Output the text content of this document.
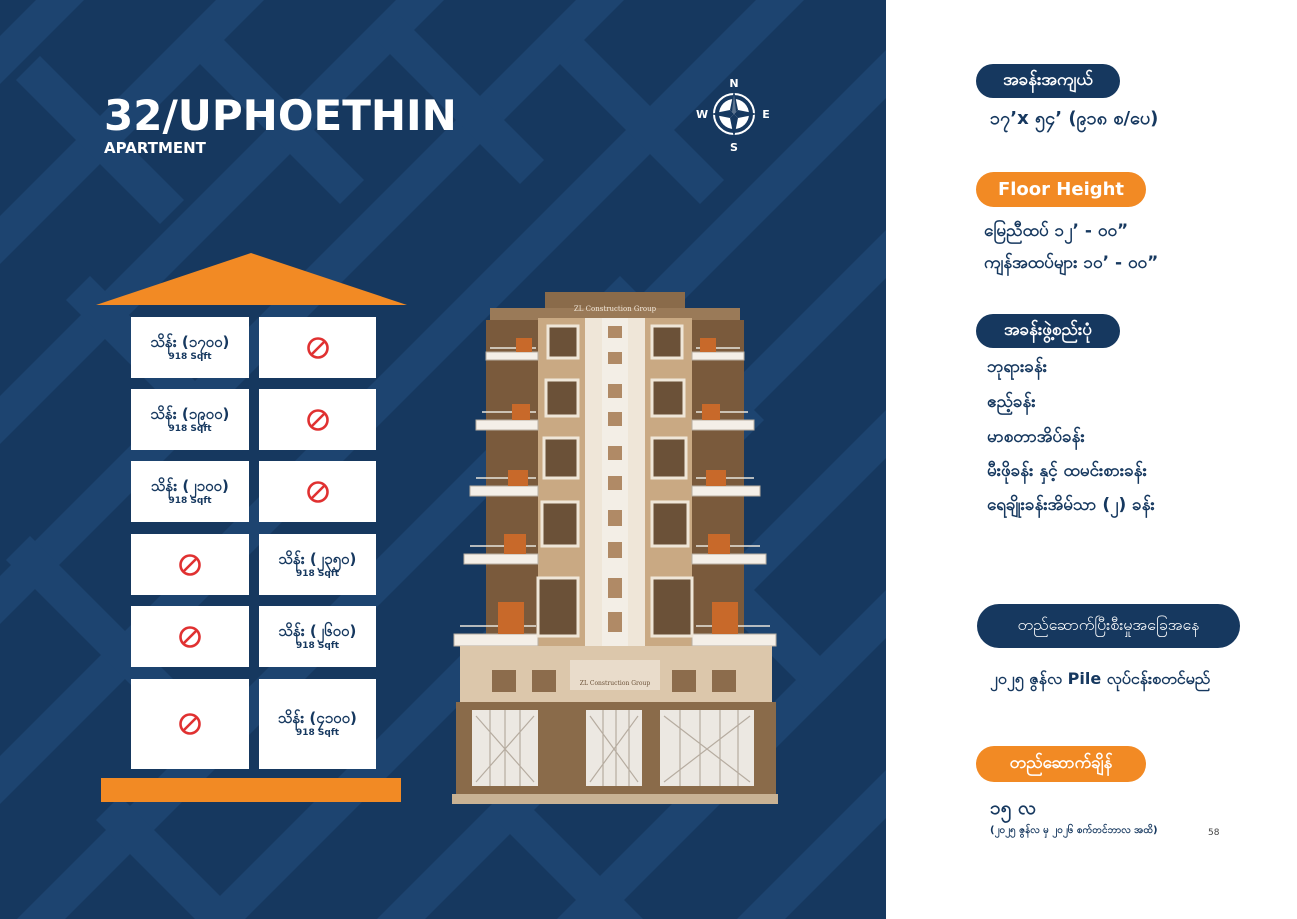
32/UPHOETHIN
APARTMENT
N
S
W	E
သိန်း (၁၇၀၀)
918 Sqft
သိန်း (၁၉၀၀)
918 Sqft
သိန်း (၂၁၀၀)
918 Sqft
သိန်း (၂၃၅၀)
918 Sqft
သိန်း (၂၆၀၀)
918 Sqft
သိန်း (၄၁၀၀)
918 Sqft
ZL Construction Group
ZL Construction Group
အခန်းအကျယ်
၁၇’x ၅၄’ (၉၁၈ စ/ပေ)
Floor Height
မြေညီထပ် ၁၂’ - ၀၀”
ကျန်အထပ်များ ၁၀’ - ၀၀”
အခန်းဖွဲ့စည်းပုံ
ဘုရားခန်း
ဧည့်ခန်း
မာစတာအိပ်ခန်း
မီးဖိုခန်း နှင့် ထမင်းစားခန်း
ရေချိုးခန်းအိမ်သာ (၂) ခန်း
တည်ဆောက်ပြီးစီးမှုအခြေအနေ
၂၀၂၅ ဇွန်လ Pile လုပ်ငန်းစတင်မည်
တည်ဆောက်ချိန်
၁၅ လ
(၂၀၂၅ ဇွန်လ မှ ၂၀၂၆ စက်တင်ဘာလ အထိ)	58
